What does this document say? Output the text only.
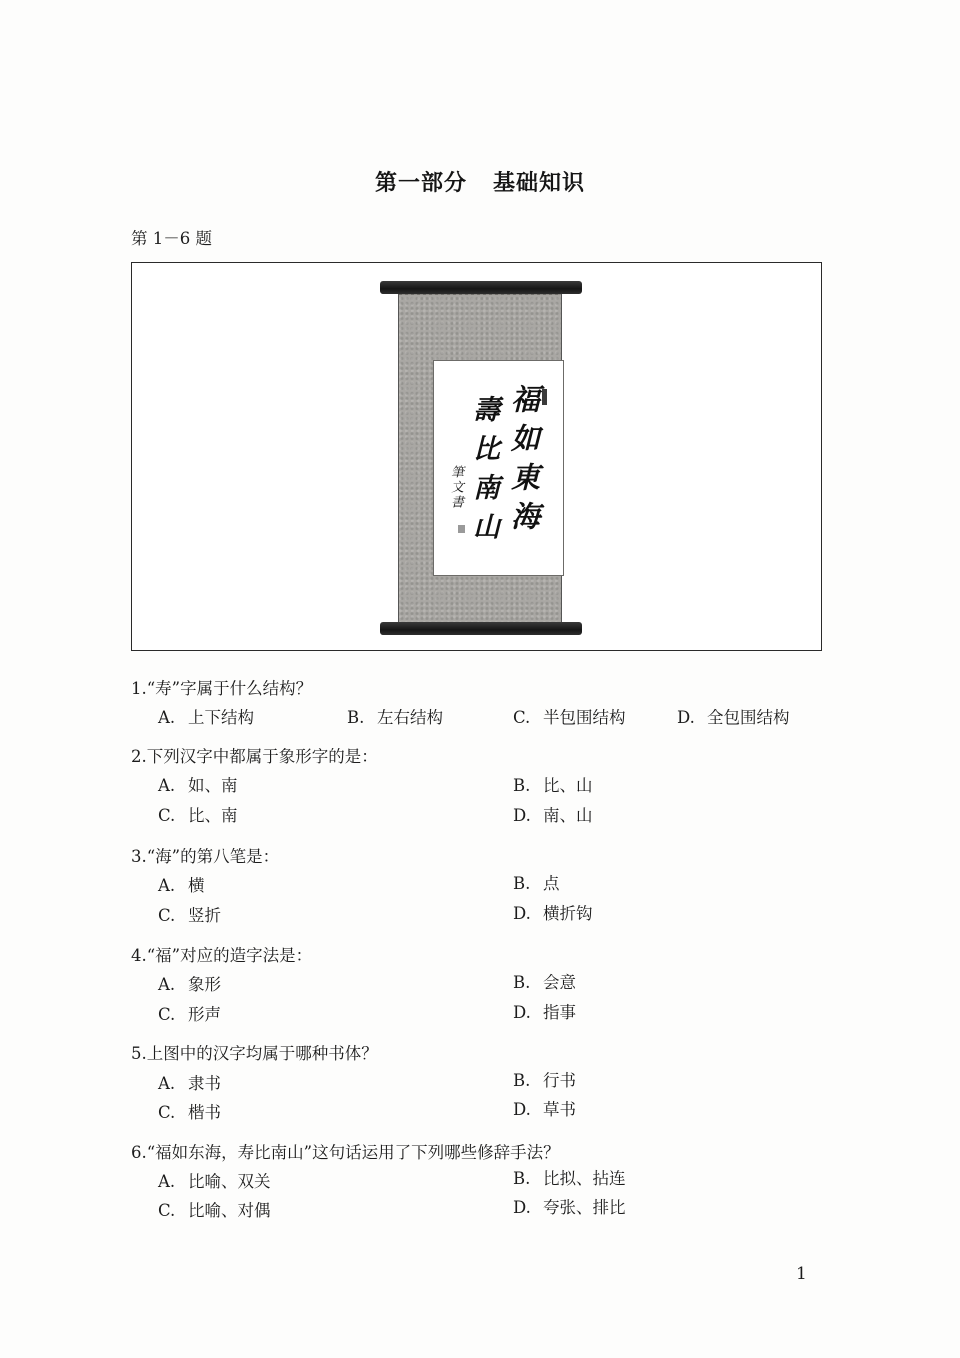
第一部分 基础知识
第 1－6 题
福如東海
壽比南山
筆文書
1.“寿”字属于什么结构？
A. 上下结构	B. 左右结构	C. 半包围结构	D. 全包围结构
2.下列汉字中都属于象形字的是：
A. 如、南	B. 比、山
C. 比、南	D. 南、山
3.“海”的第八笔是：
A. 横	B. 点
C. 竖折	D. 横折钩
4.“福”对应的造字法是：
A. 象形	B. 会意
C. 形声	D. 指事
5.上图中的汉字均属于哪种书体？
A. 隶书	B. 行书
C. 楷书	D. 草书
6.“福如东海，寿比南山”这句话运用了下列哪些修辞手法？
A. 比喻、双关	B. 比拟、拈连
C. 比喻、对偶	D. 夸张、排比
1
